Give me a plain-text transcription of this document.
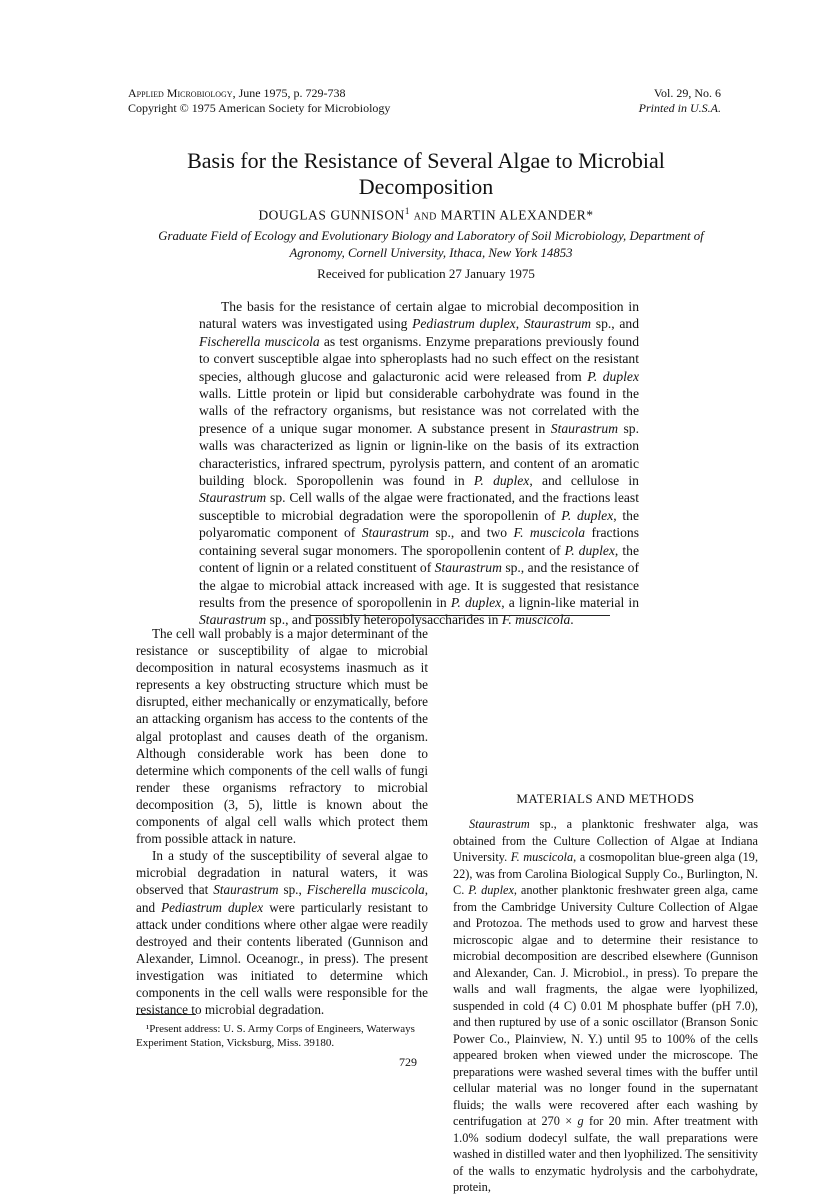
Applied Microbiology, June 1975, p. 729-738
Copyright © 1975 American Society for Microbiology
Vol. 29, No. 6
Printed in U.S.A.
Basis for the Resistance of Several Algae to Microbial Decomposition
DOUGLAS GUNNISON$^1$ AND MARTIN ALEXANDER*
Graduate Field of Ecology and Evolutionary Biology and Laboratory of Soil Microbiology, Department of Agronomy, Cornell University, Ithaca, New York 14853
Received for publication 27 January 1975

The basis for the resistance of certain algae to microbial decomposition in natural waters was investigated using Pediastrum duplex, Staurastrum sp., and Fischerella muscicola as test organisms. Enzyme preparations previously found to convert susceptible algae into spheroplasts had no such effect on the resistant species, although glucose and galacturonic acid were released from P. duplex walls. Little protein or lipid but considerable carbohydrate was found in the walls of the refractory organisms, but resistance was not correlated with the presence of a unique sugar monomer. A substance present in Staurastrum sp. walls was characterized as lignin or lignin-like on the basis of its extraction characteristics, infrared spectrum, pyrolysis pattern, and content of an aromatic building block. Sporopollenin was found in P. duplex, and cellulose in Staurastrum sp. Cell walls of the algae were fractionated, and the fractions least susceptible to microbial degradation were the sporopollenin of P. duplex, the polyaromatic component of Staurastrum sp., and two F. muscicola fractions containing several sugar monomers. The sporopollenin content of P. duplex, the content of lignin or a related constituent of Staurastrum sp., and the resistance of the algae to microbial attack increased with age. It is suggested that resistance results from the presence of sporopollenin in P. duplex, a lignin-like material in Staurastrum sp., and possibly heteropolysaccharides in F. muscicola.

The cell wall probably is a major determinant of the resistance or susceptibility of algae to microbial decomposition in natural ecosystems inasmuch as it represents a key obstructing structure which must be disrupted, either mechanically or enzymatically, before an attacking organism has access to the contents of the algal protoplast and causes death of the organism. Although considerable work has been done to determine which components of the cell walls of fungi render these organisms refractory to microbial decomposition (3, 5), little is known about the components of algal cell walls which protect them from possible attack in nature.

In a study of the susceptibility of several algae to microbial degradation in natural waters, it was observed that Staurastrum sp., Fischerella muscicola, and Pediastrum duplex were particularly resistant to attack under conditions where other algae were readily destroyed and their contents liberated (Gunnison and Alexander, Limnol. Oceanogr., in press). The present investigation was initiated to determine which components in the cell walls were responsible for the resistance to microbial degradation.

MATERIALS AND METHODS

Staurastrum sp., a planktonic freshwater alga, was obtained from the Culture Collection of Algae at Indiana University. F. muscicola, a cosmopolitan blue-green alga (19, 22), was from Carolina Biological Supply Co., Burlington, N. C. P. duplex, another planktonic freshwater green alga, came from the Cambridge University Culture Collection of Algae and Protozoa. The methods used to grow and harvest these microscopic algae and to determine their resistance to microbial decomposition are described elsewhere (Gunnison and Alexander, Can. J. Microbiol., in press). To prepare the walls and wall fragments, the algae were lyophilized, suspended in cold (4 C) 0.01 M phosphate buffer (pH 7.0), and then ruptured by use of a sonic oscillator (Branson Sonic Power Co., Plainview, N. Y.) until 95 to 100% of the cells appeared broken when viewed under the microscope. The preparations were washed several times with the buffer until cellular material was no longer found in the supernatant fluids; the walls were recovered after each washing by centrifugation at 270 × g for 20 min. After treatment with 1.0% sodium dodecyl sulfate, the wall preparations were washed in distilled water and then lyophilized. The sensitivity of the walls to enzymatic hydrolysis and the carbohydrate, protein,

¹Present address: U. S. Army Corps of Engineers, Waterways Experiment Station, Vicksburg, Miss. 39180.
729
